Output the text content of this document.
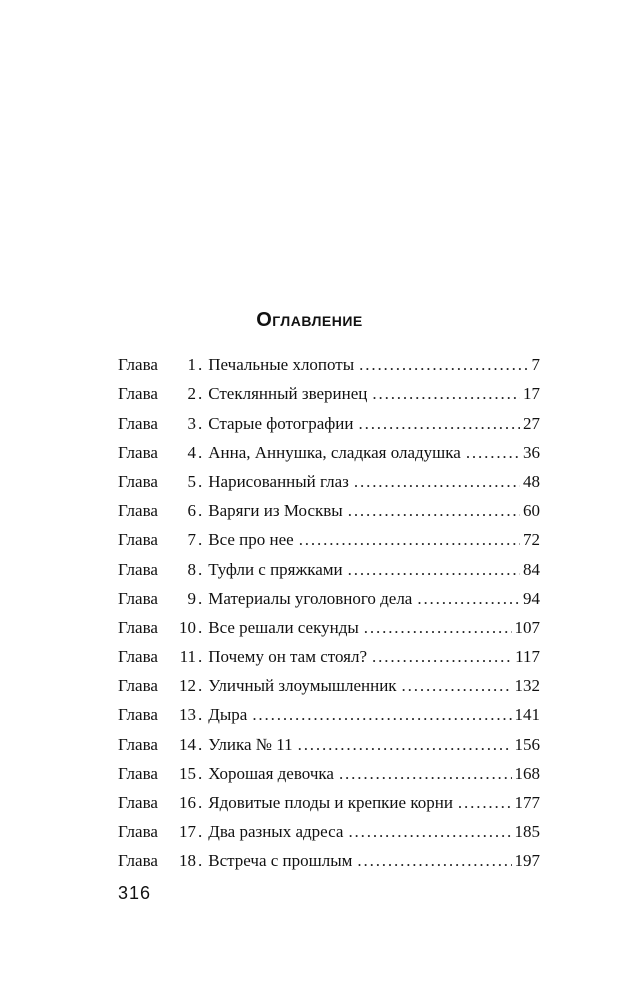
Оглавление
Глава	1 . Печальные хлопоты . . .	7
Глава	2 . Стеклянный зверинец . . .	17
Глава	3 . Старые фотографии . . .	27
Глава	4 . Анна, Аннушка, сладкая оладушка . . .	36
Глава	5 . Нарисованный глаз . . .	48
Глава	6 . Варяги из Москвы . . .	60
Глава	7 . Все про нее . . .	72
Глава	8 . Туфли с пряжками . . .	84
Глава	9 . Материалы уголовного дела . . .	94
Глава	10 . Все решали секунды . . .	107
Глава	11 . Почему он там стоял? . . .	117
Глава	12 . Уличный злоумышленник . . .	132
Глава	13 . Дыра . . .	141
Глава	14 . Улика № 11 . . .	156
Глава	15 . Хорошая девочка . . .	168
Глава	16 . Ядовитые плоды и крепкие корни . . .	177
Глава	17 . Два разных адреса . . .	185
Глава	18 . Встреча с прошлым . . .	197
316
